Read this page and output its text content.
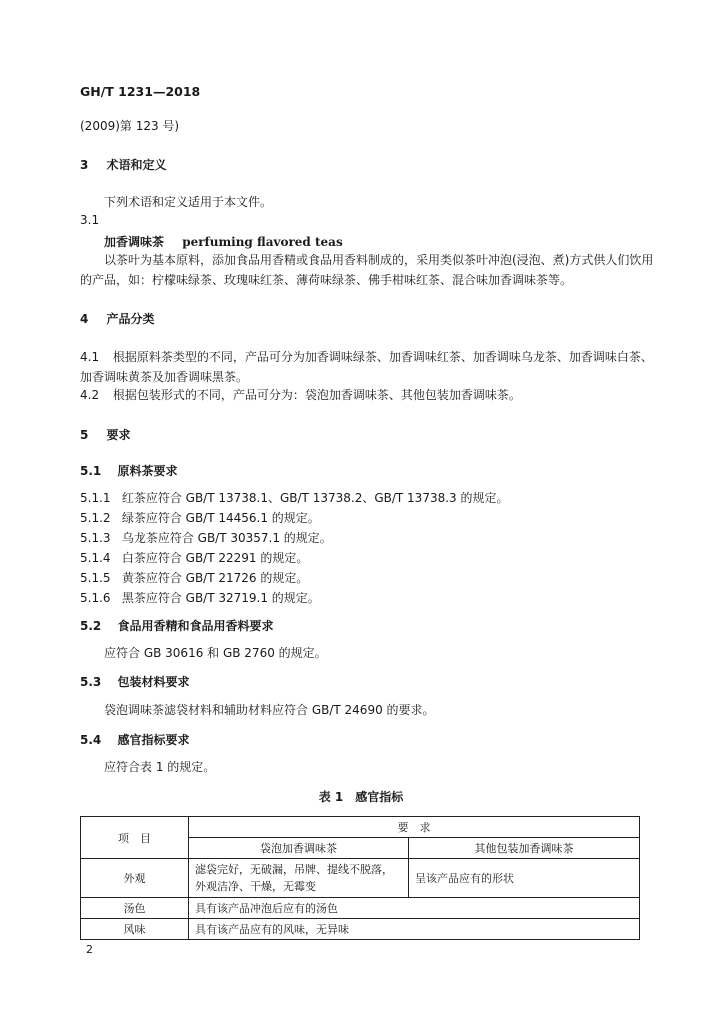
GH/T 1231—2018
(2009)第 123 号)
3 术语和定义
下列术语和定义适用于本文件。
3.1
加香调味茶 perfuming flavored teas
以茶叶为基本原料，添加食品用香精或食品用香料制成的，采用类似茶叶冲泡(浸泡、煮)方式供人们饮用的产品，如：柠檬味绿茶、玫瑰味红茶、薄荷味绿茶、佛手柑味红茶、混合味加香调味茶等。
4 产品分类
4.1 根据原料茶类型的不同，产品可分为加香调味绿茶、加香调味红茶、加香调味乌龙茶、加香调味白茶、加香调味黄茶及加香调味黑茶。
4.2 根据包装形式的不同，产品可分为：袋泡加香调味茶、其他包装加香调味茶。
5 要求
5.1 原料茶要求
5.1.1 红茶应符合 GB/T 13738.1、GB/T 13738.2、GB/T 13738.3 的规定。
5.1.2 绿茶应符合 GB/T 14456.1 的规定。
5.1.3 乌龙茶应符合 GB/T 30357.1 的规定。
5.1.4 白茶应符合 GB/T 22291 的规定。
5.1.5 黄茶应符合 GB/T 21726 的规定。
5.1.6 黑茶应符合 GB/T 32719.1 的规定。
5.2 食品用香精和食品用香料要求
应符合 GB 30616 和 GB 2760 的规定。
5.3 包装材料要求
袋泡调味茶滤袋材料和辅助材料应符合 GB/T 24690 的要求。
5.4 感官指标要求
应符合表 1 的规定。
表 1　感官指标
项　目	要　求	
	袋泡加香调味茶	其他包装加香调味茶
外观	滤袋完好，无破漏，吊牌、提线不脱落，外观洁净、干燥，无霉变	呈该产品应有的形状
汤色	具有该产品冲泡后应有的汤色	
风味	具有该产品应有的风味，无异味	
2
